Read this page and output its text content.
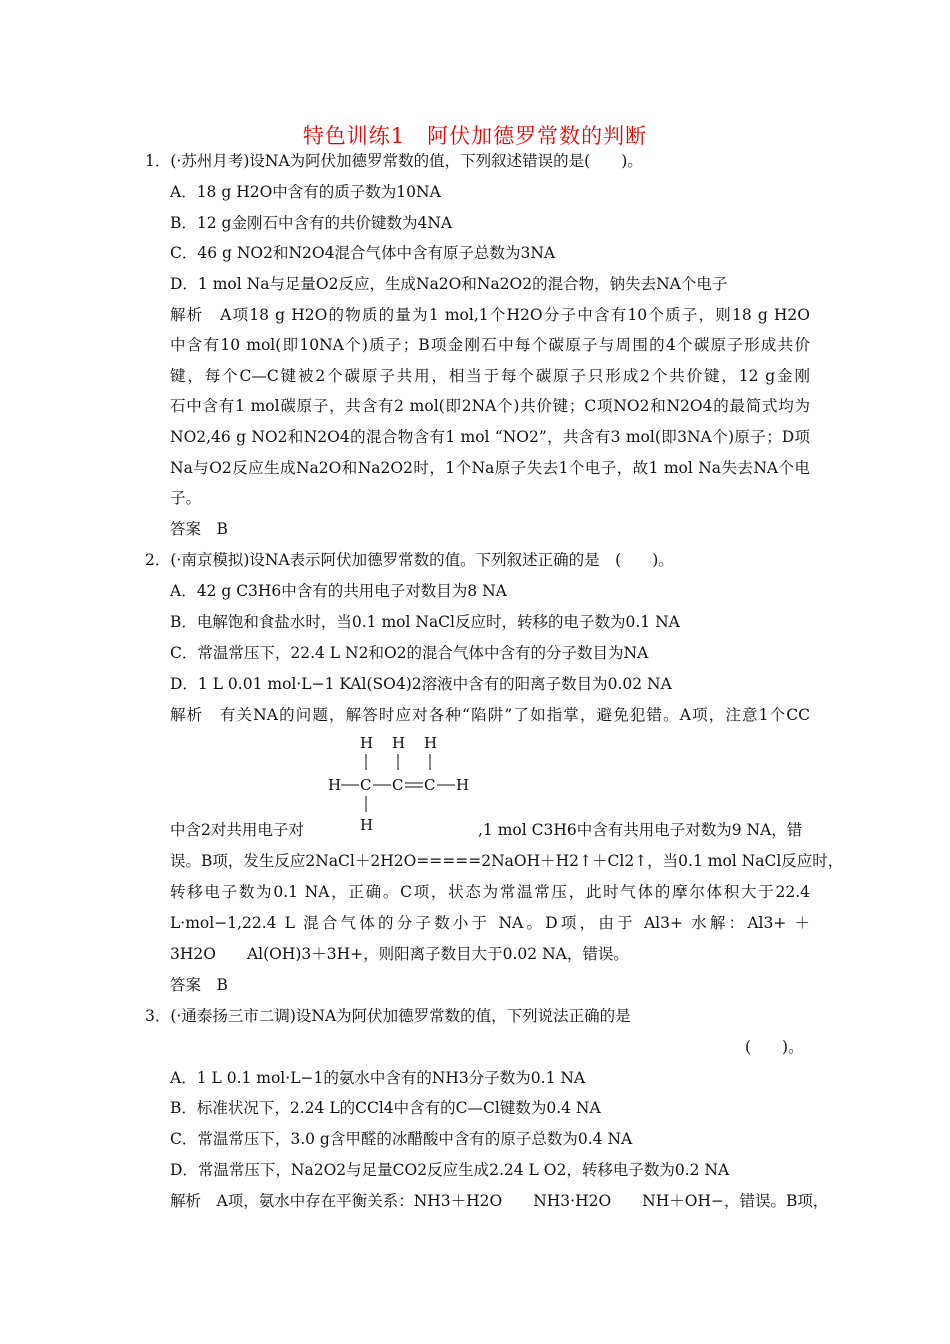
特色训练1　阿伏加德罗常数的判断
1．(·苏州月考)设NA为阿伏加德罗常数的值，下列叙述错误的是(　　)。
A．18 g H2O中含有的质子数为10NA
B．12 g金刚石中含有的共价键数为4NA
C．46 g NO2和N2O4混合气体中含有原子总数为3NA
D．1 mol Na与足量O2反应，生成Na2O和Na2O2的混合物，钠失去NA个电子
解析　A项18 g H2O的物质的量为1 mol,1个H2O分子中含有10个质子，则18 g H2O
中含有10 mol(即10NA个)质子；B项金刚石中每个碳原子与周围的4个碳原子形成共价
键，每个C—C键被2个碳原子共用，相当于每个碳原子只形成2个共价键，12 g金刚
石中含有1 mol碳原子，共含有2 mol(即2NA个)共价键；C项NO2和N2O4的最简式均为
NO2,46 g NO2和N2O4的混合物含有1 mol “NO2”，共含有3 mol(即3NA个)原子；D项
Na与O2反应生成Na2O和Na2O2时，1个Na原子失去1个电子，故1 mol Na失去NA个电
子。
答案　B
2．(·南京模拟)设NA表示阿伏加德罗常数的值。下列叙述正确的是　(　　)。
A．42 g C3H6中含有的共用电子对数目为8 NA
B．电解饱和食盐水时，当0.1 mol NaCl反应时，转移的电子数为0.1 NA
C．常温常压下，22.4 L N2和O2的混合气体中含有的分子数目为NA
D．1 L 0.01 mol·L−1 KAl(SO4)2溶液中含有的阳离子数目为0.02 NA
解析　有关NA的问题，解答时应对各种“陷阱”了如指掌，避免犯错。A项，注意1个CC
H H H
H C C C H
H
中含2对共用电子对	,1 mol C3H6中含有共用电子对数为9 NA，错
误。B项，发生反应2NaCl＋2H2O=====2NaOH＋H2↑＋Cl2↑，当0.1 mol NaCl反应时，
转移电子数为0.1 NA，正确。C项，状态为常温常压，此时气体的摩尔体积大于22.4
L·mol−1,22.4 L 混合气体的分子数小于 NA。D项，由于 Al3+ 水解：Al3+ ＋
3H2O　　Al(OH)3＋3H+，则阳离子数目大于0.02 NA，错误。
答案　B
3．(·通泰扬三市二调)设NA为阿伏加德罗常数的值，下列说法正确的是
(　　)。
A．1 L 0.1 mol·L−1的氨水中含有的NH3分子数为0.1 NA
B．标准状况下，2.24 L的CCl4中含有的C—Cl键数为0.4 NA
C．常温常压下，3.0 g含甲醛的冰醋酸中含有的原子总数为0.4 NA
D．常温常压下，Na2O2与足量CO2反应生成2.24 L O2，转移电子数为0.2 NA
解析　A项，氨水中存在平衡关系：NH3＋H2O　　NH3·H2O　　NH＋OH−，错误。B项，
